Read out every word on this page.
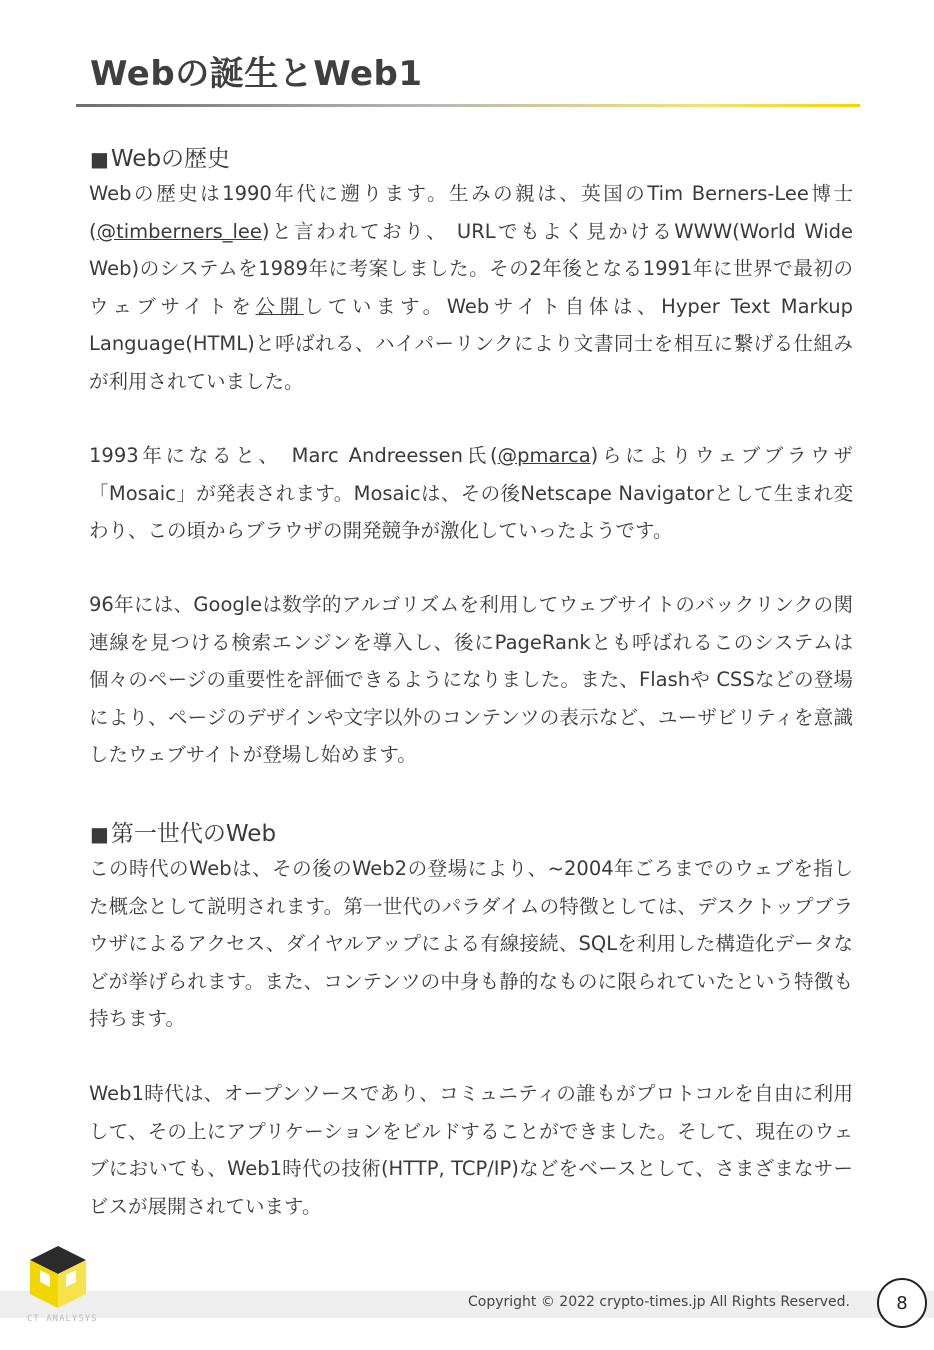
Webの誕生とWeb1
■Webの歴史

Webの歴史は1990年代に遡ります。生みの親は、英国のTim Berners-Lee博士(@timberners_lee)と言われており、 URLでもよく見かけるWWW(World Wide Web)のシステムを1989年に考案しました。その2年後となる1991年に世界で最初のウェブサイトを公開しています。Webサイト自体は、Hyper Text Markup Language(HTML)と呼ばれる、ハイパーリンクにより文書同士を相互に繋げる仕組みが利用されていました。

1993年になると、 Marc Andreessen氏(@pmarca)らによりウェブブラウザ「Mosaic」が発表されます。Mosaicは、その後Netscape Navigatorとして生まれ変わり、この頃からブラウザの開発競争が激化していったようです。

96年には、Googleは数学的アルゴリズムを利用してウェブサイトのバックリンクの関連線を見つける検索エンジンを導入し、後にPageRankとも呼ばれるこのシステムは個々のページの重要性を評価できるようになりました。また、Flashや CSSなどの登場により、ページのデザインや文字以外のコンテンツの表示など、ユーザビリティを意識したウェブサイトが登場し始めます。

■第一世代のWeb

この時代のWebは、その後のWeb2の登場により、~2004年ごろまでのウェブを指した概念として説明されます。第一世代のパラダイムの特徴としては、デスクトップブラウザによるアクセス、ダイヤルアップによる有線接続、SQLを利用した構造化データなどが挙げられます。また、コンテンツの中身も静的なものに限られていたという特徴も持ちます。

Web1時代は、オープンソースであり、コミュニティの誰もがプロトコルを自由に利用して、その上にアプリケーションをビルドすることができました。そして、現在のウェブにおいても、Web1時代の技術(HTTP, TCP/IP)などをベースとして、さまざまなサービスが展開されています。

Copyright © 2022 crypto-times.jp All Rights Reserved.	8
CT ANALYSYS
